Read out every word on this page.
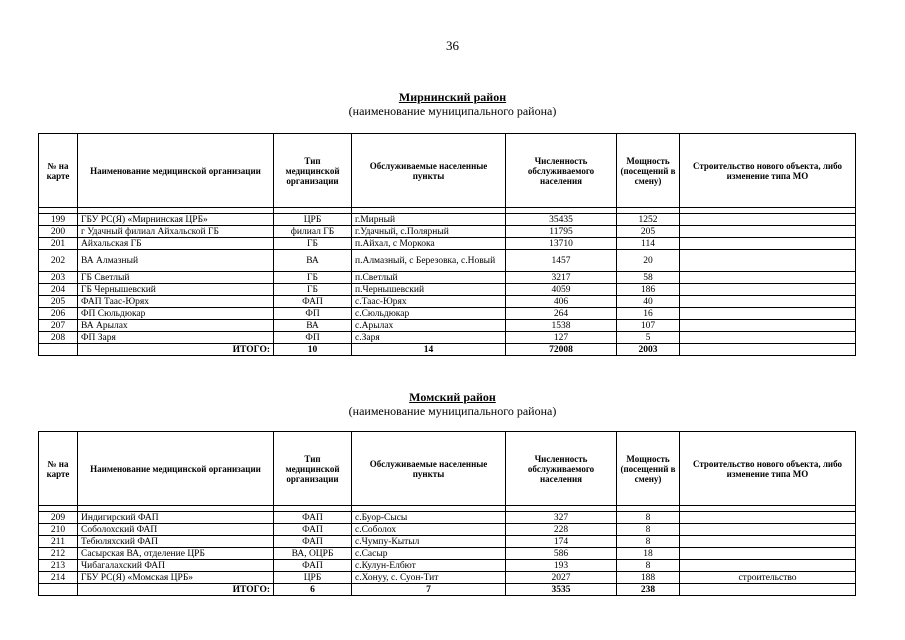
36
Мирнинский район
(наименование муниципального района)
№ на карте	Наименование медицинской организации	Тип медицинской организации	Обслуживаемые населенные пункты	Численность обслуживаемого населения	Мощность (посещений в смену)	Строительство нового объекта, либо изменение типа МО

199	ГБУ РС(Я) «Мирнинская ЦРБ»	ЦРБ	г.Мирный	35435	1252	
200	г Удачный филиал Айхальской ГБ	филиал ГБ	г.Удачный, с.Полярный	11795	205	
201	Айхальская ГБ	ГБ	п.Айхал, с Моркока	13710	114	
202	ВА Алмазный	ВА	п.Алмазный, с Березовка, с.Новый	1457	20	
203	ГБ Светлый	ГБ	п.Светлый	3217	58	
204	ГБ Чернышевский	ГБ	п.Чернышевский	4059	186	
205	ФАП Таас-Юрях	ФАП	с.Таас-Юрях	406	40	
206	ФП Сюльдюкар	ФП	с.Сюльдюкар	264	16	
207	ВА Арылах	ВА	с.Арылах	1538	107	
208	ФП Заря	ФП	с.Заря	127	5	
	ИТОГО:	10	14	72008	2003	
Момский район
(наименование муниципального района)
№ на карте	Наименование медицинской организации	Тип медицинской организации	Обслуживаемые населенные пункты	Численность обслуживаемого населения	Мощность (посещений в смену)	Строительство нового объекта, либо изменение типа МО

209	Индигирский ФАП	ФАП	с.Буор-Сысы	327	8	
210	Соболохский ФАП	ФАП	с.Соболох	228	8	
211	Тебюляхский ФАП	ФАП	с.Чумпу-Кытыл	174	8	
212	Сасырская ВА, отделение ЦРБ	ВА, ОЦРБ	с.Сасыр	586	18	
213	Чибагалахский ФАП	ФАП	с.Кулун-Елбют	193	8	
214	ГБУ РС(Я) «Момская ЦРБ»	ЦРБ	с.Хонуу, с. Суон-Тит	2027	188	строительство
	ИТОГО:	6	7	3535	238	
